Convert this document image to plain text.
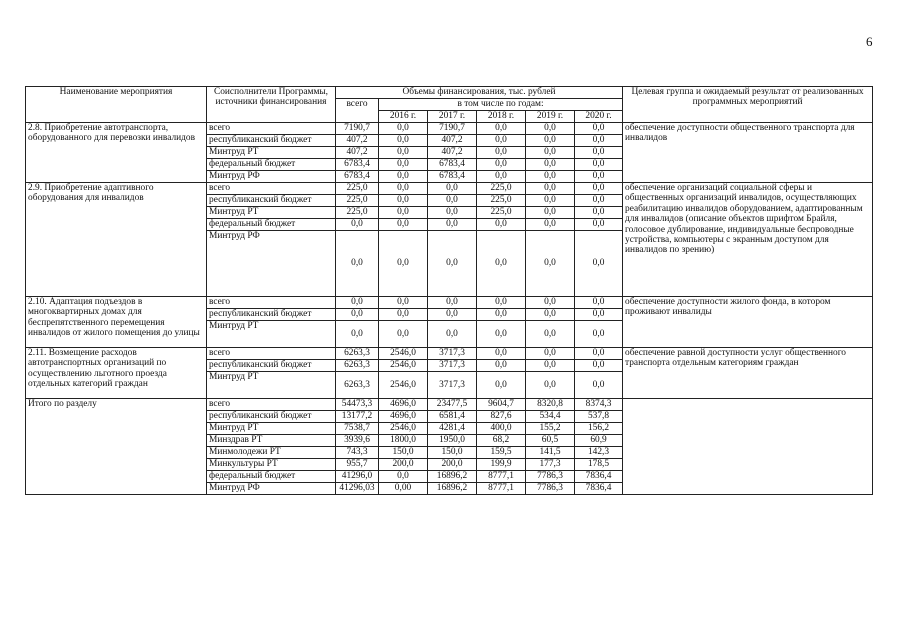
6
Наименование мероприятия	Соисполнители Программы, источники финансирования	Объемы финансирования, тыс. рублей						Целевая группа и ожидаемый результат от реализованных программных мероприятий
		всего	в том числе по годам:					
			2016 г.	2017 г.	2018 г.	2019 г.	2020 г.	
2.8. Приобретение автотранспорта, оборудованного для перевозки инвалидов	всего	7190,7	0,0	7190,7	0,0	0,0	0,0	обеспечение доступности общественного транспорта для инвалидов
	республиканский бюджет	407,2	0,0	407,2	0,0	0,0	0,0	
	Минтруд РТ	407,2	0,0	407,2	0,0	0,0	0,0	
	федеральный бюджет	6783,4	0,0	6783,4	0,0	0,0	0,0	
	Минтруд РФ	6783,4	0,0	6783,4	0,0	0,0	0,0	
2.9. Приобретение адаптивного оборудования для инвалидов	всего	225,0	0,0	0,0	225,0	0,0	0,0	обеспечение организаций социальной сферы и общественных организаций инвалидов, осуществляющих реабилитацию инвалидов оборудованием, адаптированным для инвалидов (описание объектов шрифтом Брайля, голосовое дублирование, индивидуальные беспроводные устройства, компьютеры с экранным доступом для инвалидов по зрению)
	республиканский бюджет	225,0	0,0	0,0	225,0	0,0	0,0	
	Минтруд РТ	225,0	0,0	0,0	225,0	0,0	0,0	
	федеральный бюджет	0,0	0,0	0,0	0,0	0,0	0,0	
	Минтруд РФ	0,0	0,0	0,0	0,0	0,0	0,0	
2.10. Адаптация подъездов в многоквартирных домах для беспрепятственного перемещения инвалидов от жилого помещения до улицы	всего	0,0	0,0	0,0	0,0	0,0	0,0	обеспечение доступности жилого фонда, в котором проживают инвалиды
	республиканский бюджет	0,0	0,0	0,0	0,0	0,0	0,0	
	Минтруд РТ	0,0	0,0	0,0	0,0	0,0	0,0	
2.11. Возмещение расходов автотранспортных организаций по осуществлению льготного проезда отдельных категорий граждан	всего	6263,3	2546,0	3717,3	0,0	0,0	0,0	обеспечение равной доступности услуг общественного транспорта отдельным категориям граждан
	республиканский бюджет	6263,3	2546,0	3717,3	0,0	0,0	0,0	
	Минтруд РТ	6263,3	2546,0	3717,3	0,0	0,0	0,0	
Итого по разделу	всего	54473,3	4696,0	23477,5	9604,7	8320,8	8374,3	
	республиканский бюджет	13177,2	4696,0	6581,4	827,6	534,4	537,8	
	Минтруд РТ	7538,7	2546,0	4281,4	400,0	155,2	156,2	
	Минздрав РТ	3939,6	1800,0	1950,0	68,2	60,5	60,9	
	Минмолодежи РТ	743,3	150,0	150,0	159,5	141,5	142,3	
	Минкультуры РТ	955,7	200,0	200,0	199,9	177,3	178,5	
	федеральный бюджет	41296,0	0,0	16896,2	8777,1	7786,3	7836,4	
	Минтруд РФ	41296,03	0,00	16896,2	8777,1	7786,3	7836,4	
